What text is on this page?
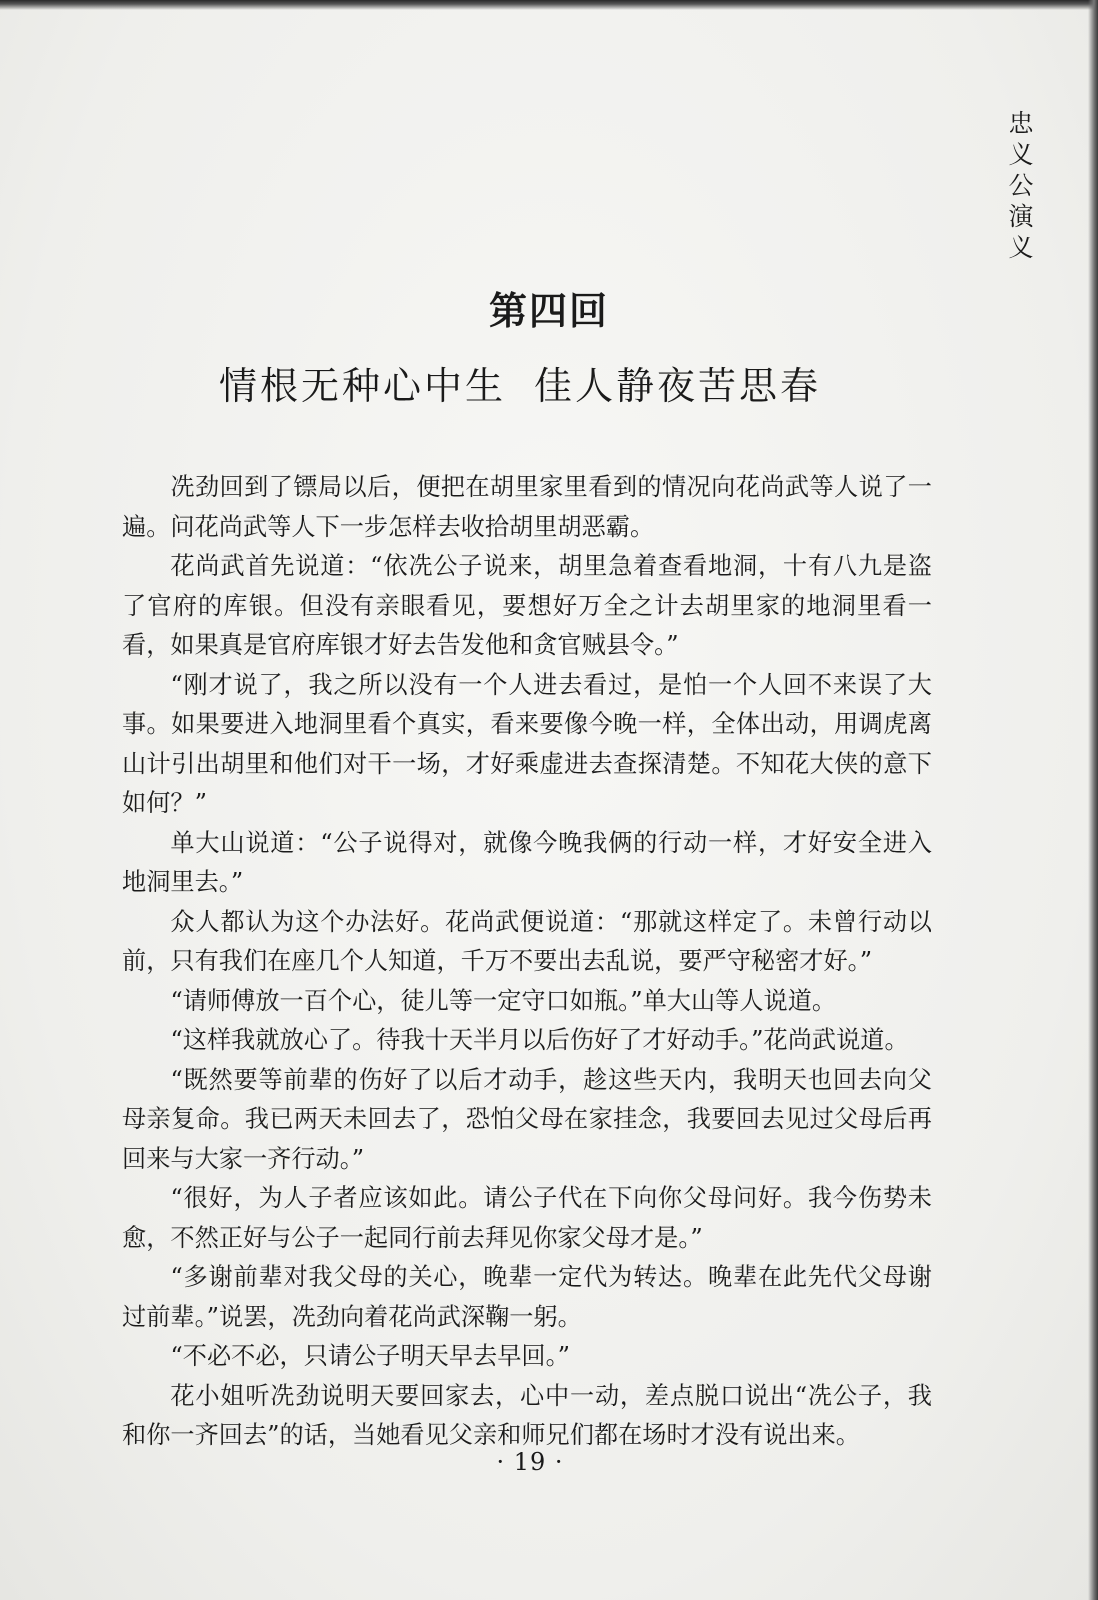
忠义公演义
第四回
情根无种心中生 佳人静夜苦思春

冼劲回到了镖局以后，便把在胡里家里看到的情况向花尚武等人说了一遍。问花尚武等人下一步怎样去收拾胡里胡恶霸。

花尚武首先说道：“依冼公子说来，胡里急着查看地洞，十有八九是盗了官府的库银。但没有亲眼看见，要想好万全之计去胡里家的地洞里看一看，如果真是官府库银才好去告发他和贪官贼县令。”

“刚才说了，我之所以没有一个人进去看过，是怕一个人回不来误了大事。如果要进入地洞里看个真实，看来要像今晚一样，全体出动，用调虎离山计引出胡里和他们对干一场，才好乘虚进去查探清楚。不知花大侠的意下如何？”

单大山说道：“公子说得对，就像今晚我俩的行动一样，才好安全进入地洞里去。”

众人都认为这个办法好。花尚武便说道：“那就这样定了。未曾行动以前，只有我们在座几个人知道，千万不要出去乱说，要严守秘密才好。”

“请师傅放一百个心，徒儿等一定守口如瓶。”单大山等人说道。

“这样我就放心了。待我十天半月以后伤好了才好动手。”花尚武说道。

“既然要等前辈的伤好了以后才动手，趁这些天内，我明天也回去向父母亲复命。我已两天未回去了，恐怕父母在家挂念，我要回去见过父母后再回来与大家一齐行动。”

“很好，为人子者应该如此。请公子代在下向你父母问好。我今伤势未愈，不然正好与公子一起同行前去拜见你家父母才是。”

“多谢前辈对我父母的关心，晚辈一定代为转达。晚辈在此先代父母谢过前辈。”说罢，冼劲向着花尚武深鞠一躬。

“不必不必，只请公子明天早去早回。”

花小姐听冼劲说明天要回家去，心中一动，差点脱口说出“冼公子，我和你一齐回去”的话，当她看见父亲和师兄们都在场时才没有说出来。

· 19 ·
